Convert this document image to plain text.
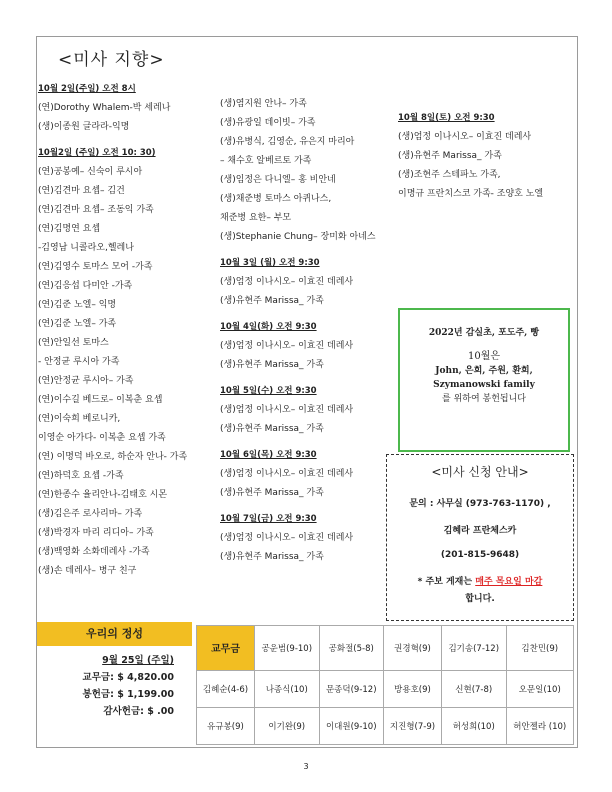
<미사 지향>
10월 2일(주일) 오전 8시
(연)Dorothy Whalem-박 세레나
(생)이종원 글라라-익명
10월2일 (주일) 오전 10: 30)
(연)공봉예– 신숙이 루시아
(연)김견마 요셉– 김건
(연)김견마 요셉– 조동익 가족
(연)김명연 요셉
-김영남 니콜라오,헬레나
(연)김영수 토마스 모어 -가족
(연)김응섭 다미안 -가족
(연)김준 노엘– 익명
(연)김준 노엘– 가족
(연)안일선 토마스
- 안정균 루시아 가족
(연)안정균 루시아– 가족
(연)이수길 베드로– 이복춘 요셉
(연)이숙희 베로니카,
이영순 아가다- 이복춘 요셉 가족
(연) 이명덕 바오로, 하순자 안나- 가족
(연)하덕호 요셉 -가족
(연)한종수 율리안나-김태호 시몬
(생)김은주 로사리마– 가족
(생)박경자 마리 리디아– 가족
(생)백영화 소화데레사 -가족
(생)손 데레사– 병구 친구
(생)염지원 안나– 가족
(생)유광일 데이빗– 가족
(생)유병식, 김영순, 유은지 마리아
– 채수호 알베르토 가족
(생)임정은 다니엘– 홍 비안네
(생)채준병 토마스 아퀴나스,
채준병 요한– 부모
(생)Stephanie Chung– 장미화 아네스
10월 3일 (월) 오전 9:30
(생)엄정 이나시오– 이효진 데레사
(생)유현주 Marissa_ 가족
10월 4일(화) 오전 9:30
(생)엄정 이나시오– 이효진 데레사
(생)유현주 Marissa_ 가족
10월 5일(수) 오전 9:30
(생)엄정 이나시오– 이효진 데레사
(생)유현주 Marissa_ 가족
10월 6일(목) 오전 9:30
(생)엄정 이나시오– 이효진 데레사
(생)유현주 Marissa_ 가족
10월 7일(금) 오전 9:30
(생)엄정 이나시오– 이효진 데레사
(생)유현주 Marissa_ 가족
10월 8일(토) 오전 9:30
(생)엄정 이나시오– 이효진 데레사
(생)유현주 Marissa_ 가족
(생)조현주 스테파노 가족,
이명규 프란치스코 가족- 조양호 노엘
2022년 감실초, 포도주, 빵
10월은
John, 은희, 주원, 환희,
Szymanowski family
를 위하여 봉헌됩니다
<미사 신청 안내>
문의 : 사무실 (973-763-1170) ,
김혜라 프란체스카
(201-815-9648)
* 주보 게재는 매주 목요일 마감
합니다.
우리의 정성
9월 25일 (주일)
교무금: $ 4,820.00
봉헌금: $ 1,199.00
감사헌금: $ .00
교무금	공운범(9-10)	공화절(5-8)	권경혁(9)	김기송(7-12)	김찬민(9)
김혜순(4-6)	나종식(10)	문종덕(9-12)	방용호(9)	신현(7-8)	오문일(10)
유규봉(9)	이기완(9)	이대원(9-10)	지진형(7-9)	허성희(10)	허안젤라 (10)
3
